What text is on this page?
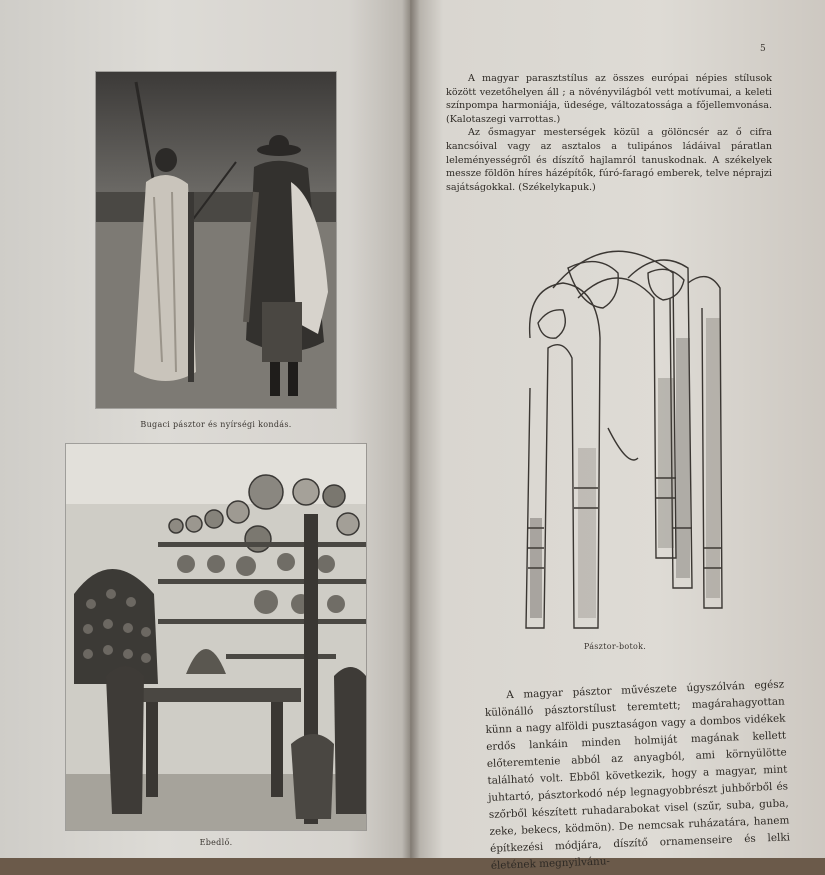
Bugaci pásztor és nyírségi kondás.
Ebedlő.
5

A magyar parasztstílus az összes európai népies stílusok között vezetőhelyen áll ; a növényvilágból vett motívumai, a keleti színpompa harmoniája, üdesége, változatossága a főjellemvonása. (Kalotaszegi varrottas.)

Az ősmagyar mesterségek közül a gölöncsér az ő cifra kancsóival vagy az asztalos a tulipános ládáival páratlan leleményességről és díszítő hajlamról tanuskodnak. A székelyek messze földön híres házépítők, fúró-faragó emberek, telve néprajzi sajátságokkal. (Székelykapuk.)

Pásztor-botok.

A magyar pásztor művészete úgyszólván egész különálló pásztorstílust teremtett; magárahagyottan künn a nagy alföldi pusztaságon vagy a dombos vidékek erdős lankáin minden holmiját magának kellett előteremtenie abból az anyagból, ami környülötte található volt. Ebből következik, hogy a magyar, mint juhtartó, pásztorkodó nép legnagyobbrészt juhbőrből és szőrből készített ruhadarabokat visel (szűr, suba, guba, zeke, bekecs, ködmön). De nemcsak ruházatára, hanem építkezési módjára, díszítő ornamenseire és lelki életének megnyilvánu-
